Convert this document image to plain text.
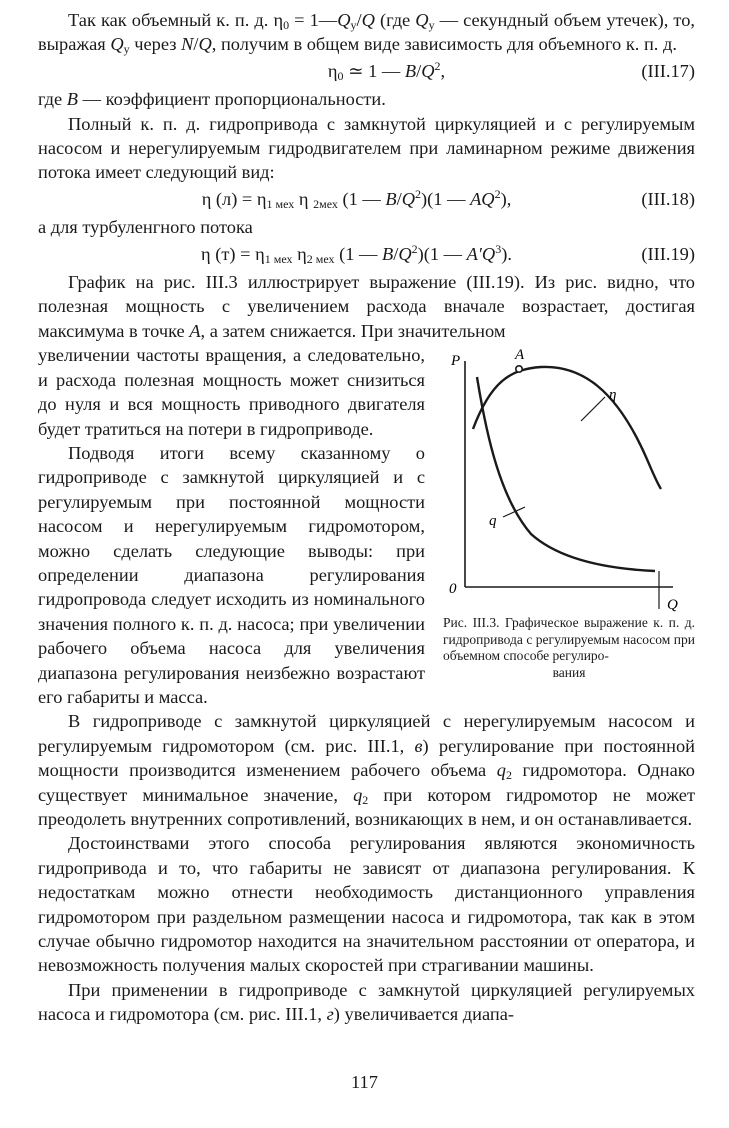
Так как объемный к. п. д. $\eta_0$ = $1—Q_y/Q$ (где $Q_y$ — секундный объем утечек), то, выражая $Q_y$ через N/Q, получим в общем виде зависимость для объемного к. п. д.

$\eta_0$ ≃ 1 — $B/Q^2$,	(III.17)

где B — коэффициент пропорциональности.

Полный к. п. д. гидропривода с замкнутой циркуляцией и с регулируемым насосом и нерегулируемым гидродвигателем при ламинарном режиме движения потока имеет следующий вид:

η $(л) = \eta_{1 мех}$ η $_{2мех}$ (1 — $B/Q^2)(1$ — $AQ^2$),	(III.18)

а для турбуленгного потока

η $(т) = \eta_{1 мех}$ $\eta_{2 мех}$ (1 — $B/Q^2)(1$ — $A'Q^3$).	(III.19)

График на рис. III.3 иллюстрирует выражение (III.19). Из рис. видно, что полезная мощность с увеличением расхода вначале возрастает, достигая максимума в точке A, а затем снижается. При значительном

P	A
η
q
0
Q
Рис. III.3. Графическое выражение к. п. д. гидропривода с регулируемым насосом при объемном способе регулиро-
вания

увеличении частоты вращения, а следовательно, и расхода полезная мощность может снизиться до нуля и вся мощность приводного двигателя будет тратиться на потери в гидроприводе.

Подводя итоги всему сказанному о гидроприводе с замкнутой циркуляцией и с регулируемым при постоянной мощности насосом и нерегулируемым гидромотором, можно сделать следующие выводы: при определении диапазона регулирования гидропровода следует исходить из номинального значения полного к. п. д. насоса; при увеличении рабочего объема насоса для увеличения диапазона регулирования неизбежно возрастают его габариты и масса.

В гидроприводе с замкнутой циркуляцией с нерегулируемым насосом и регулируемым гидромотором (см. рис. III.1, в) регулирование при постоянной мощности производится изменением рабочего объема $q_2$ гидромотора. Однако существует минимальное значение, $q_2$ при котором гидромотор не может преодолеть внутренних сопротивлений, возникающих в нем, и он останавливается.

Достоинствами этого способа регулирования являются экономичность гидропривода и то, что габариты не зависят от диапазона регулирования. К недостаткам можно отнести необходимость дистанционного управления гидромотором при раздельном размещении насоса и гидромотора, так как в этом случае обычно гидромотор находится на значительном расстоянии от оператора, и невозможность получения малых скоростей при страгивании машины.

При применении в гидроприводе с замкнутой циркуляцией регулируемых насоса и гидромотора (см. рис. III.1, г) увеличивается диапа-

117
